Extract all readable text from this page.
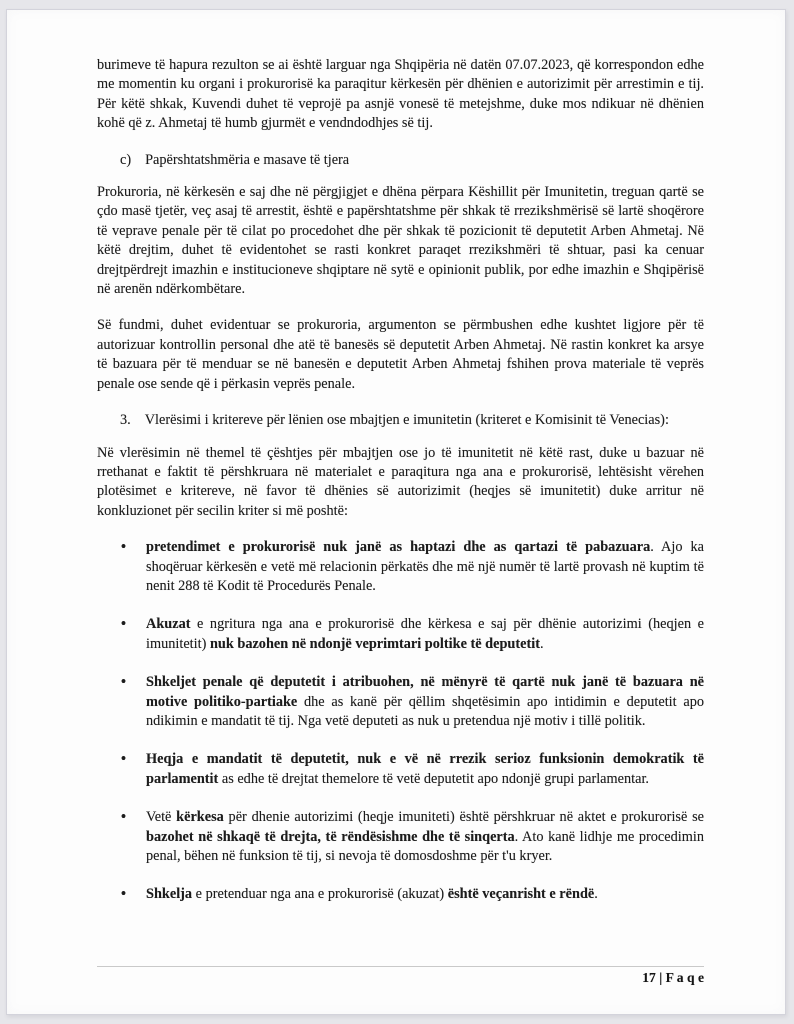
burimeve të hapura rezulton se ai është larguar nga Shqipëria në datën 07.07.2023, që korrespondon edhe me momentin ku organi i prokurorisë ka paraqitur kërkesën për dhënien e autorizimit për arrestimin e tij. Për këtë shkak, Kuvendi duhet të veprojë pa asnjë vonesë të metejshme, duke mos ndikuar në dhënien kohë që z. Ahmetaj të humb gjurmët e vendndodhjes së tij.

c) Papërshtatshmëria e masave të tjera

Prokuroria, në kërkesën e saj dhe në përgjigjet e dhëna përpara Këshillit për Imunitetin, treguan qartë se çdo masë tjetër, veç asaj të arrestit, është e papërshtatshme për shkak të rrezikshmërisë së lartë shoqërore të veprave penale për të cilat po procedohet dhe për shkak të pozicionit të deputetit Arben Ahmetaj. Në këtë drejtim, duhet të evidentohet se rasti konkret paraqet rrezikshmëri të shtuar, pasi ka cenuar drejtpërdrejt imazhin e institucioneve shqiptare në sytë e opinionit publik, por edhe imazhin e Shqipërisë në arenën ndërkombëtare.

Së fundmi, duhet evidentuar se prokuroria, argumenton se përmbushen edhe kushtet ligjore për të autorizuar kontrollin personal dhe atë të banesës së deputetit Arben Ahmetaj. Në rastin konkret ka arsye të bazuara për të menduar se në banesën e deputetit Arben Ahmetaj fshihen prova materiale të veprës penale ose sende që i përkasin veprës penale.

3. Vlerësimi i kritereve për lënien ose mbajtjen e imunitetin (kriteret e Komisinit të Venecias):

Në vlerësimin në themel të çështjes për mbajtjen ose jo të imunitetit në këtë rast, duke u bazuar në rrethanat e faktit të përshkruara në materialet e paraqitura nga ana e prokurorisë, lehtësisht vërehen plotësimet e kritereve, në favor të dhënies së autorizimit (heqjes së imunitetit) duke arritur në konkluzionet për secilin kriter si më poshtë:

• pretendimet e prokurorisë nuk janë as haptazi dhe as qartazi të pabazuara. Ajo ka shoqëruar kërkesën e vetë më relacionin përkatës dhe më një numër të lartë provash në kuptim të nenit 288 të Kodit të Procedurës Penale.
• Akuzat e ngritura nga ana e prokurorisë dhe kërkesa e saj për dhënie autorizimi (heqjen e imunitetit) nuk bazohen në ndonjë veprimtari poltike të deputetit.
• Shkeljet penale që deputetit i atribuohen, në mënyrë të qartë nuk janë të bazuara në motive politiko-partiake dhe as kanë për qëllim shqetësimin apo intidimin e deputetit apo ndikimin e mandatit të tij. Nga vetë deputeti as nuk u pretendua një motiv i tillë politik.
• Heqja e mandatit të deputetit, nuk e vë në rrezik serioz funksionin demokratik të parlamentit as edhe të drejtat themelore të vetë deputetit apo ndonjë grupi parlamentar.
• Vetë kërkesa për dhenie autorizimi (heqje imuniteti) është përshkruar në aktet e prokurorisë se bazohet në shkaqë të drejta, të rëndësishme dhe të sinqerta. Ato kanë lidhje me procedimin penal, bëhen në funksion të tij, si nevoja të domosdoshme për t'u kryer.
• Shkelja e pretenduar nga ana e prokurorisë (akuzat) është veçanrisht e rëndë.
17 | F a q e
